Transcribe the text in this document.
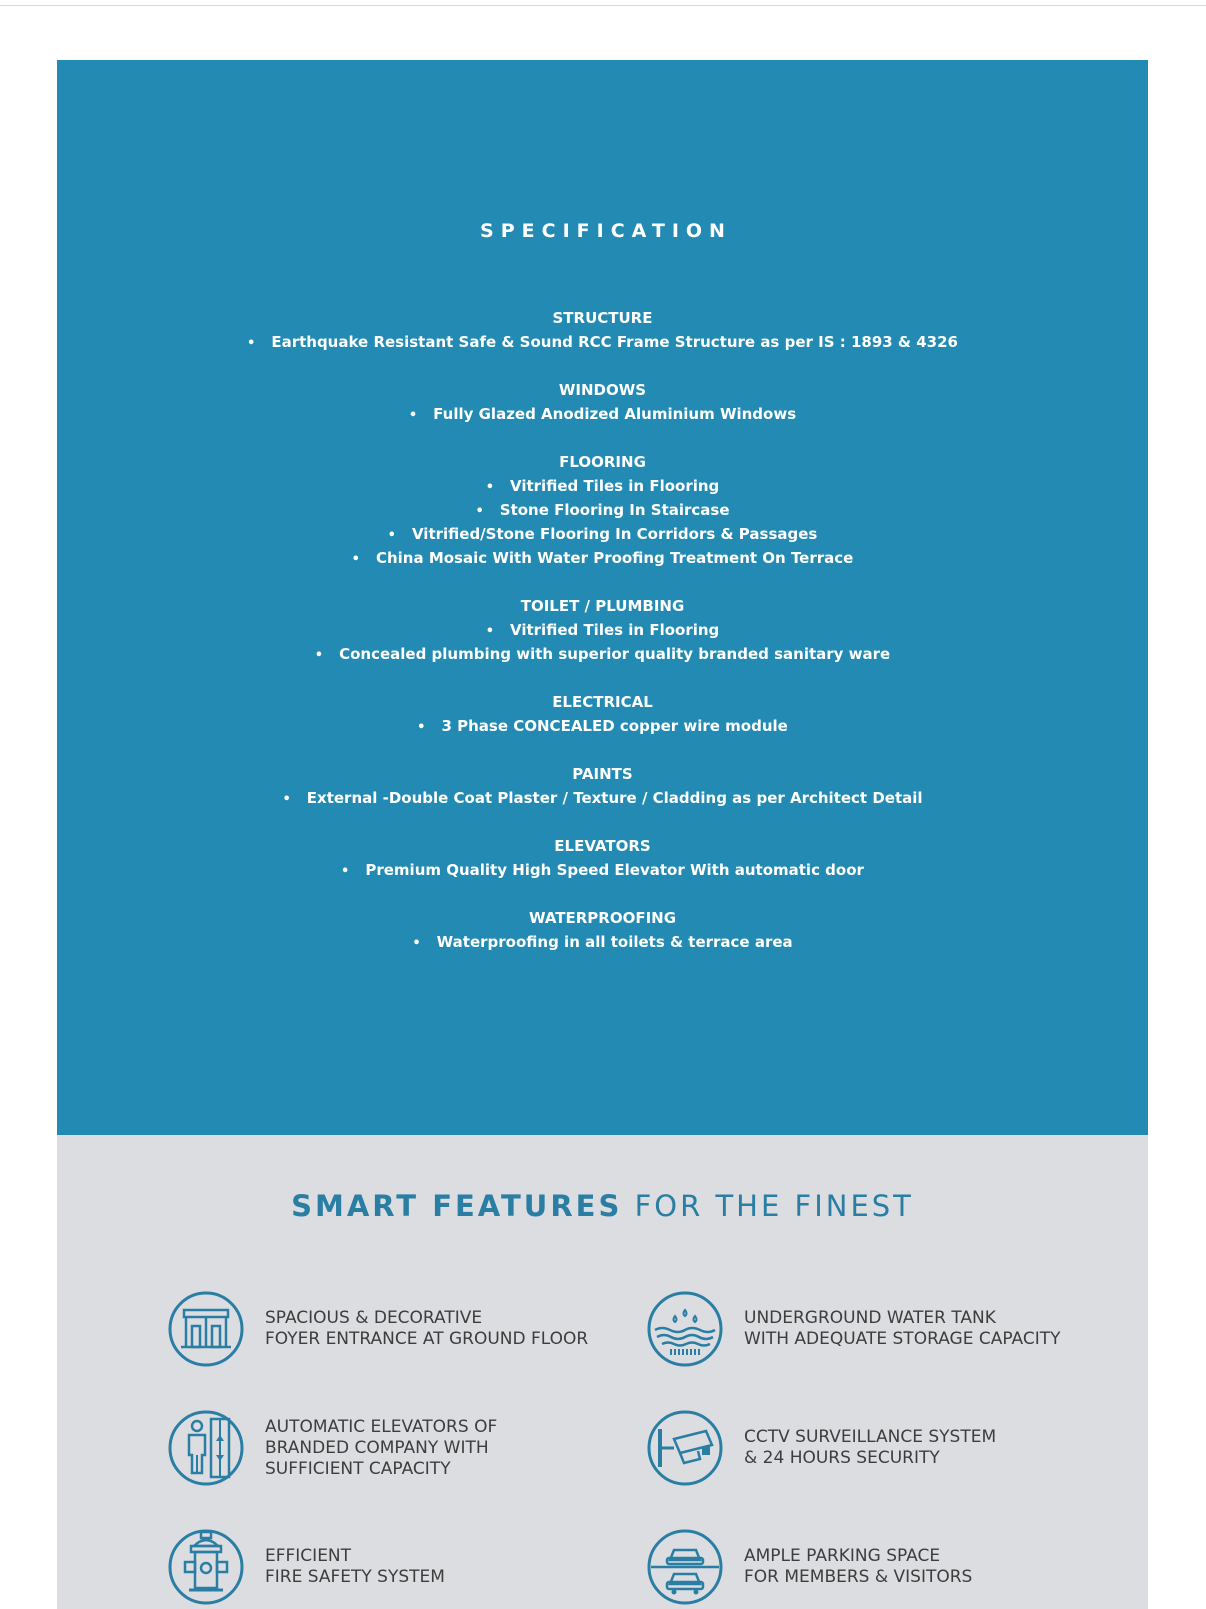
SPECIFICATION
STRUCTURE
• Earthquake Resistant Safe & Sound RCC Frame Structure as per IS : 1893 & 4326
WINDOWS
• Fully Glazed Anodized Aluminium Windows
FLOORING
• Vitrified Tiles in Flooring
• Stone Flooring In Staircase
• Vitrified/Stone Flooring In Corridors & Passages
• China Mosaic With Water Proofing Treatment On Terrace
TOILET / PLUMBING
• Vitrified Tiles in Flooring
• Concealed plumbing with superior quality branded sanitary ware
ELECTRICAL
• 3 Phase CONCEALED copper wire module
PAINTS
• External -Double Coat Plaster / Texture / Cladding as per Architect Detail
ELEVATORS
• Premium Quality High Speed Elevator With automatic door
WATERPROOFING
• Waterproofing in all toilets & terrace area
SMART FEATURES FOR THE FINEST
SPACIOUS & DECORATIVE
FOYER ENTRANCE AT GROUND FLOOR
UNDERGROUND WATER TANK
WITH ADEQUATE STORAGE CAPACITY
AUTOMATIC ELEVATORS OF
BRANDED COMPANY WITH
SUFFICIENT CAPACITY
CCTV SURVEILLANCE SYSTEM
& 24 HOURS SECURITY
EFFICIENT
FIRE SAFETY SYSTEM
AMPLE PARKING SPACE
FOR MEMBERS & VISITORS
